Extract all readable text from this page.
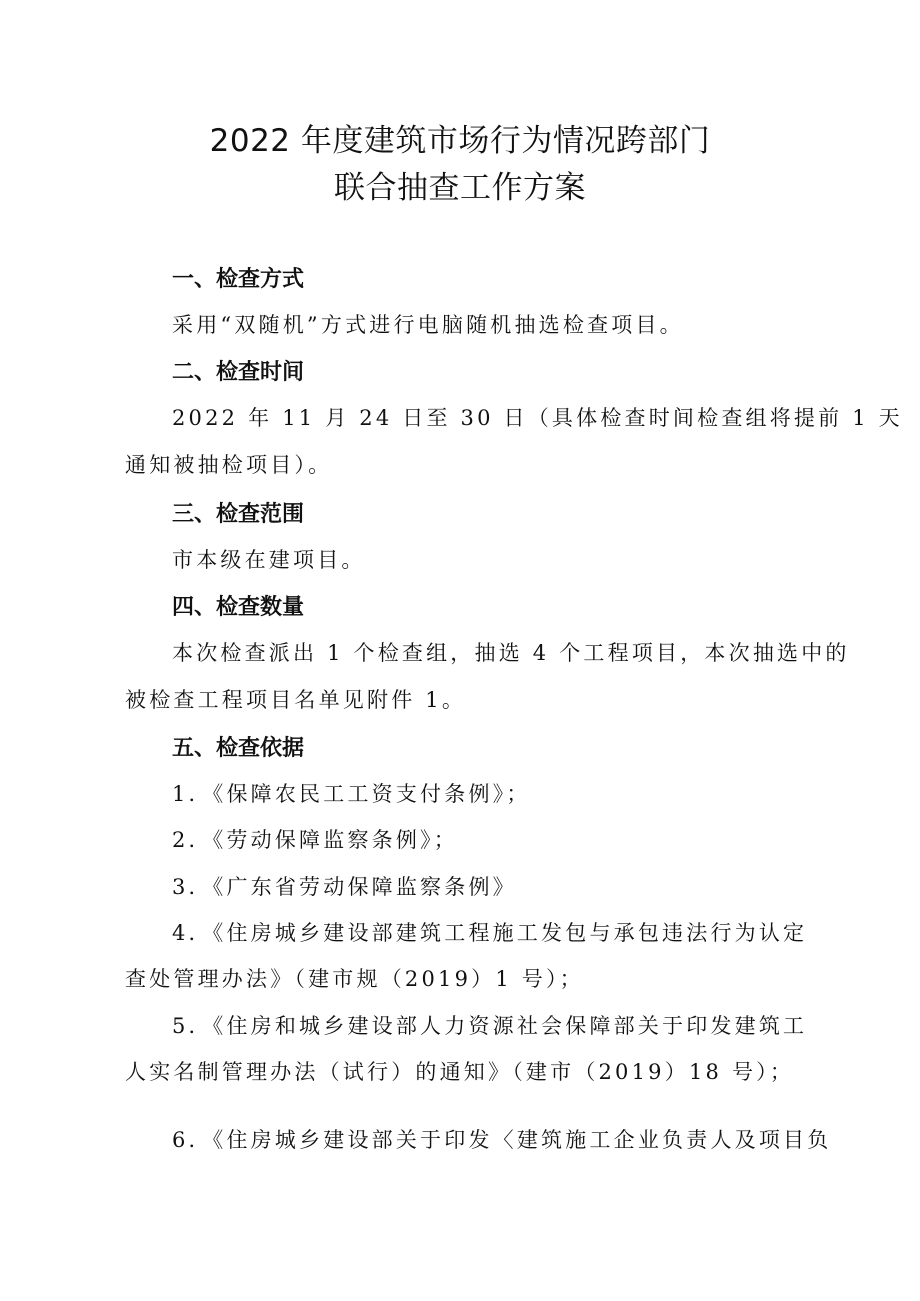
2022 年度建筑市场行为情况跨部门
联合抽查工作方案
一、检查方式
采用“双随机”方式进行电脑随机抽选检查项目。
二、检查时间
2022 年 11 月 24 日至 30 日（具体检查时间检查组将提前 1 天
通知被抽检项目）。
三、检查范围
市本级在建项目。
四、检查数量
本次检查派出 1 个检查组，抽选 4 个工程项目，本次抽选中的
被检查工程项目名单见附件 1。
五、检查依据
1．《保障农民工工资支付条例》；
2．《劳动保障监察条例》；
3．《广东省劳动保障监察条例》
4．《住房城乡建设部建筑工程施工发包与承包违法行为认定
查处管理办法》（建市规（2019）1 号）；
5．《住房和城乡建设部人力资源社会保障部关于印发建筑工
人实名制管理办法（试行）的通知》（建市（2019）18 号）；
6．《住房城乡建设部关于印发〈建筑施工企业负责人及项目负
